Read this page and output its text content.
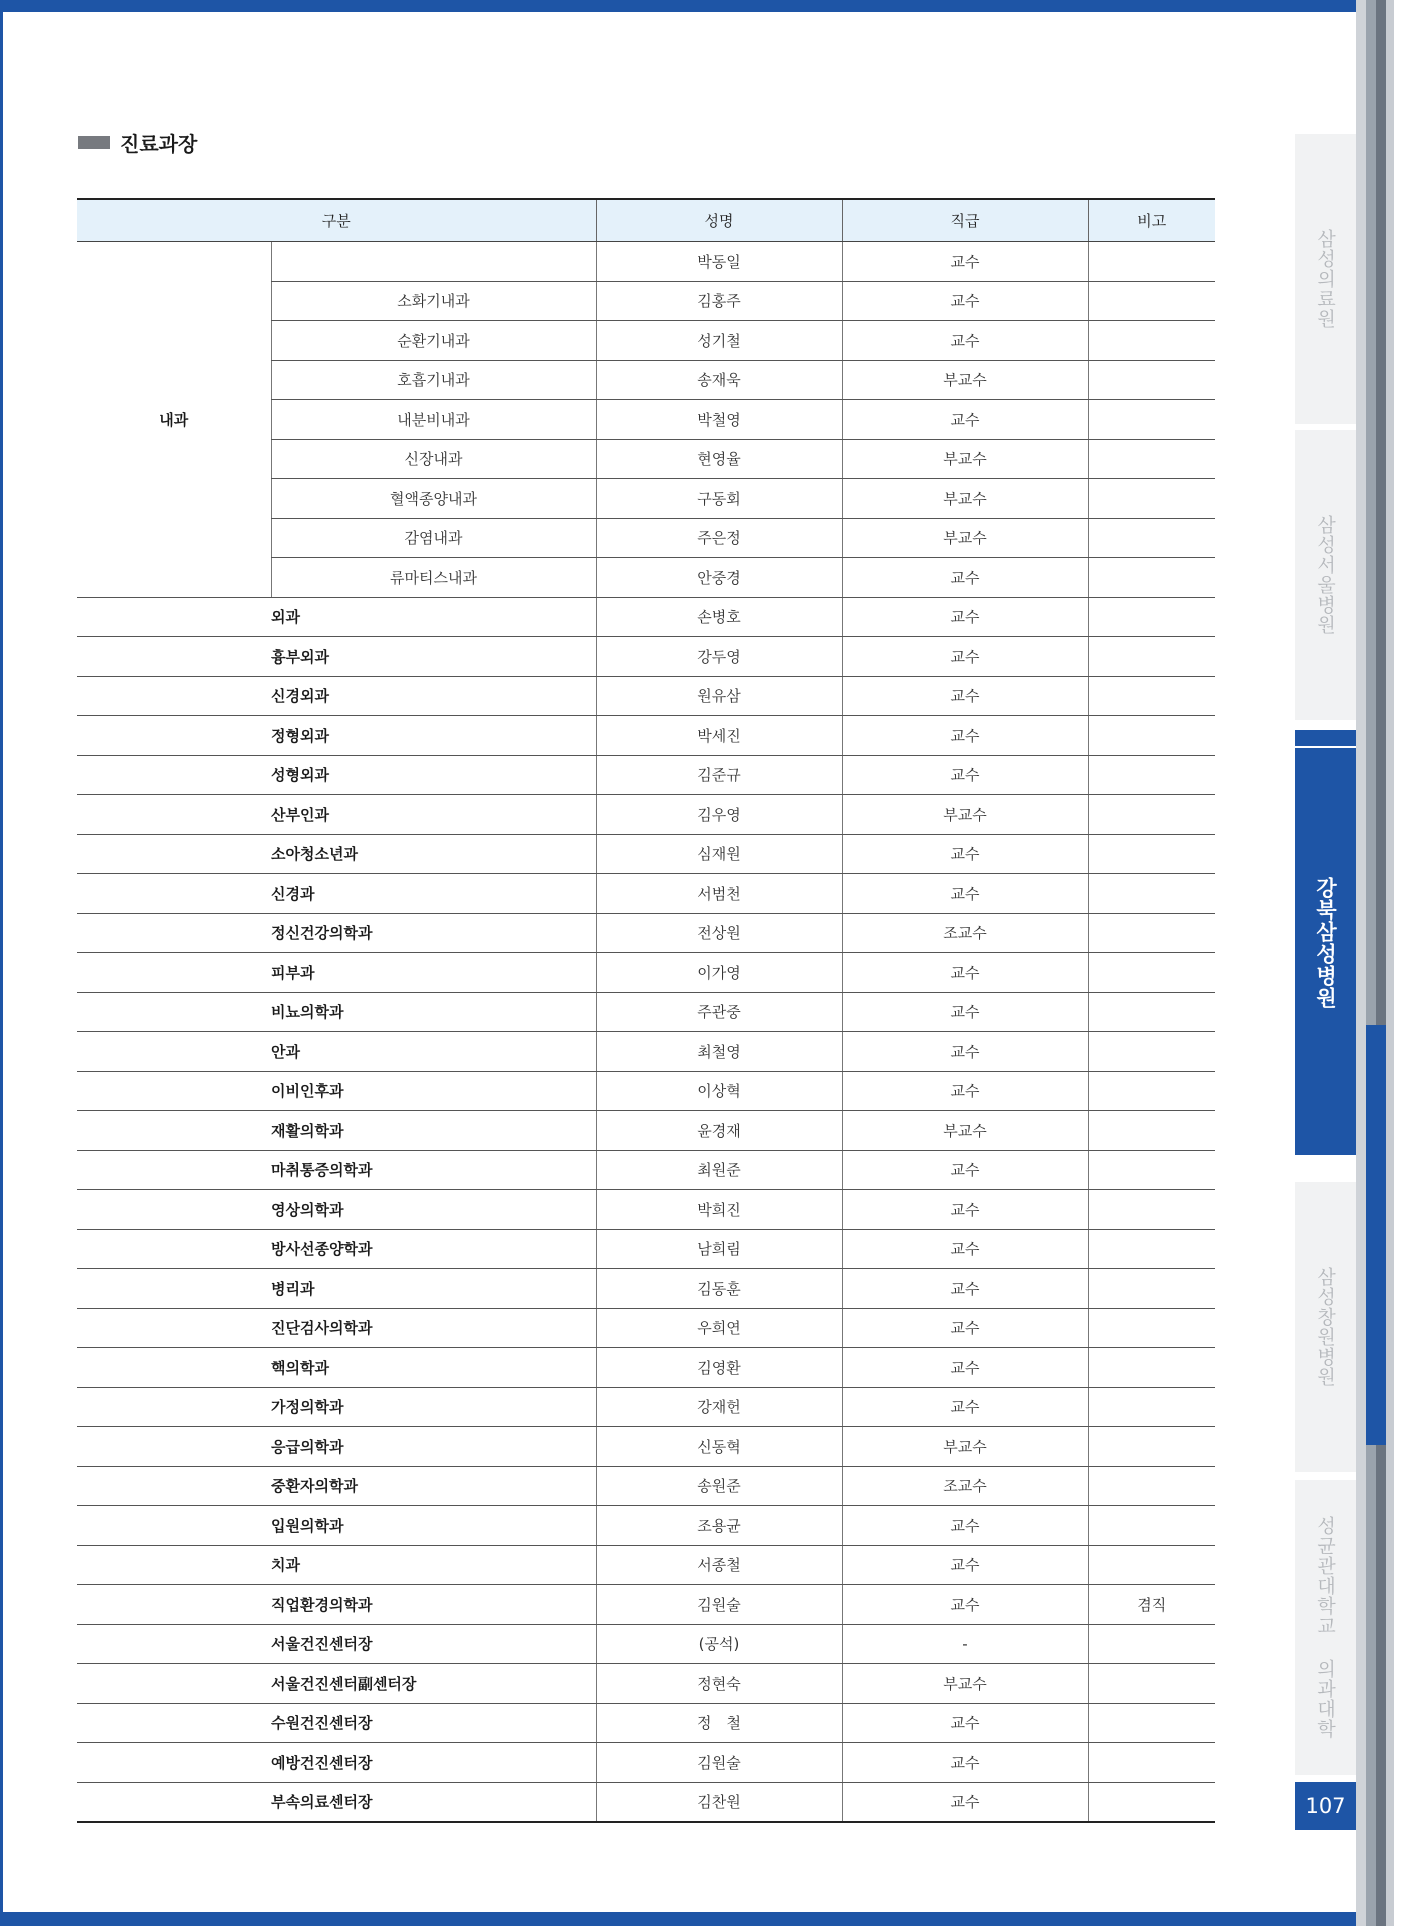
진료과장
구분		성명	직급	비고
내과		박동일	교수	
	소화기내과	김홍주	교수	
	순환기내과	성기철	교수	
	호흡기내과	송재욱	부교수	
	내분비내과	박철영	교수	
	신장내과	현영율	부교수	
	혈액종양내과	구동회	부교수	
	감염내과	주은정	부교수	
	류마티스내과	안중경	교수	
외과		손병호	교수	
흉부외과		강두영	교수	
신경외과		원유삼	교수	
정형외과		박세진	교수	
성형외과		김준규	교수	
산부인과		김우영	부교수	
소아청소년과		심재원	교수	
신경과		서범천	교수	
정신건강의학과		전상원	조교수	
피부과		이가영	교수	
비뇨의학과		주관중	교수	
안과		최철영	교수	
이비인후과		이상혁	교수	
재활의학과		윤경재	부교수	
마취통증의학과		최원준	교수	
영상의학과		박희진	교수	
방사선종양학과		남희림	교수	
병리과		김동훈	교수	
진단검사의학과		우희연	교수	
핵의학과		김영환	교수	
가정의학과		강재헌	교수	
응급의학과		신동혁	부교수	
중환자의학과		송원준	조교수	
입원의학과		조용균	교수	
치과		서종철	교수	
직업환경의학과		김원술	교수	겸직
서울건진센터장		(공석)	-	
서울건진센터副센터장		정현숙	부교수	
수원건진센터장		정　철	교수	
예방건진센터장		김원술	교수	
부속의료센터장		김찬원	교수	
삼성의료원
삼성서울병원
강북삼성병원
삼성창원병원
성균관대학교 의과대학
107
